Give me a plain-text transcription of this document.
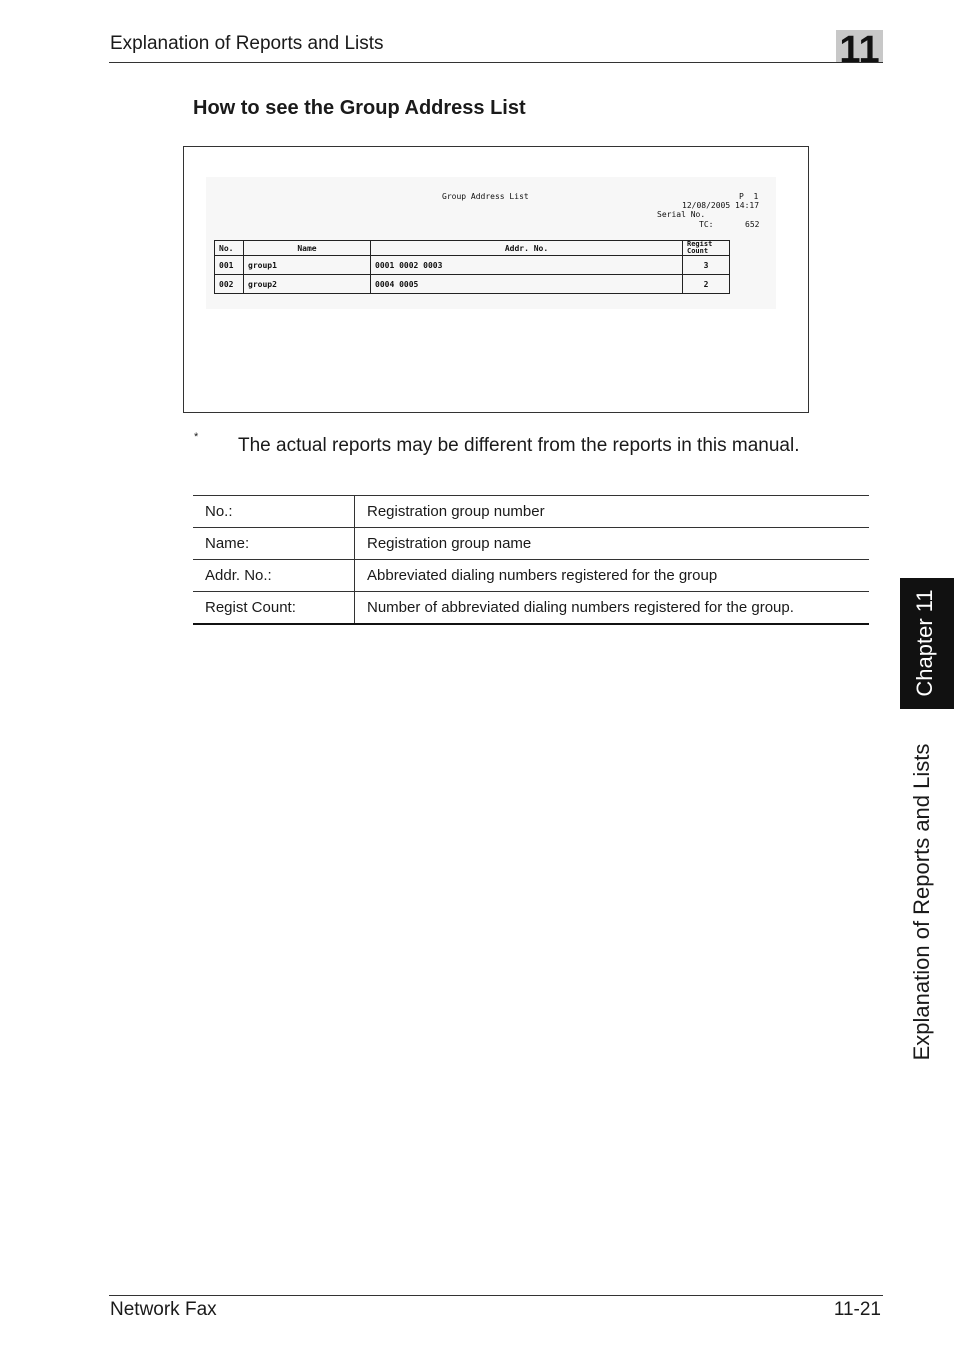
Explanation of Reports and Lists	11
How to see the Group Address List
Group Address List	P  1
12/08/2005 14:17
Serial No.
TC:	652
No.	Name	Addr. No.	Regist Count
001	group1	0001 0002 0003	3
002	group2	0004 0005	2
* The actual reports may be different from the reports in this manual.
No.:	Registration group number
Name:	Registration group name
Addr. No.:	Abbreviated dialing numbers registered for the group
Regist Count:	Number of abbreviated dialing numbers registered for the group.	Chapter 11
Explanation of Reports and Lists
Network Fax	11-21
